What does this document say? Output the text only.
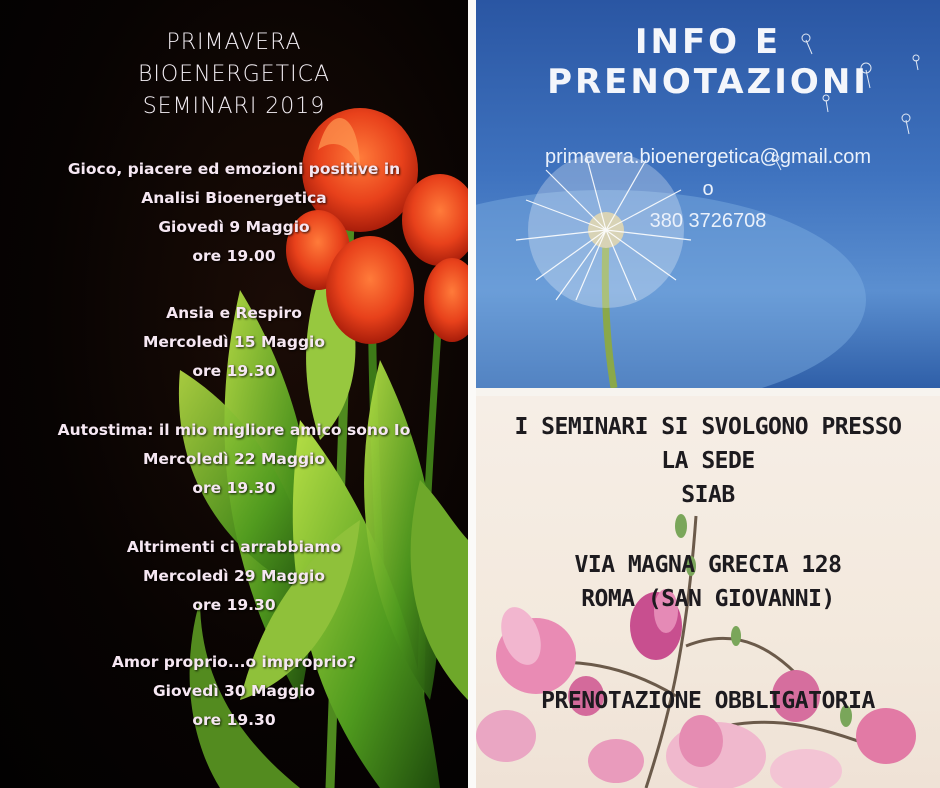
PRIMAVERA
BIOENERGETICA
SEMINARI 2019
Gioco, piacere ed emozioni positive in
Analisi Bioenergetica
Giovedì 9 Maggio
ore 19.00
Ansia e Respiro
Mercoledì 15 Maggio
ore 19.30
Autostima: il mio migliore amico sono Io
Mercoledì 22 Maggio
ore 19.30
Altrimenti ci arrabbiamo
Mercoledì 29 Maggio
ore 19.30
Amor proprio...o improprio?
Giovedì 30 Maggio
ore 19.30
INFO E
PRENOTAZIONI
primavera.bioenergetica@gmail.com
o
380 3726708
I SEMINARI SI SVOLGONO PRESSO
LA SEDE
SIAB
VIA MAGNA GRECIA 128
ROMA (SAN GIOVANNI)
PRENOTAZIONE OBBLIGATORIA
